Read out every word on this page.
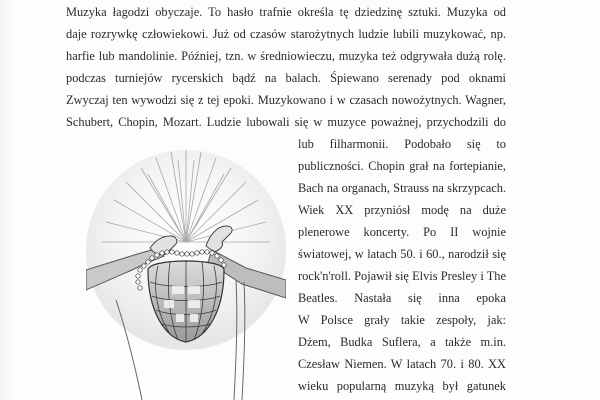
Muzyka łagodzi obyczaje. To hasło trafnie określa tę dziedzinę sztuki. Muzyka od
daje rozrywkę człowiekowi. Już od czasów starożytnych ludzie lubili muzykować, np.
harfie lub mandolinie. Później, tzn. w średniowieczu, muzyka też odgrywała dużą rolę.
podczas turniejów rycerskich bądź na balach. Śpiewano serenady pod oknami
Zwyczaj ten wywodzi się z tej epoki. Muzykowano i w czasach nowożytnych. Wagner,
Schubert, Chopin, Mozart. Ludzie lubowali się w muzyce poważnej, przychodzili do
lub filharmonii. Podobało się to
publiczności. Chopin grał na fortepianie,
Bach na organach, Strauss na skrzypcach.
Wiek XX przyniósł modę na duże
plenerowe koncerty. Po II wojnie
światowej, w latach 50. i 60., narodził się
rock'n'roll. Pojawił się Elvis Presley i The
Beatles. Nastała się inna epoka
W Polsce grały takie zespoły, jak:
Dżem, Budka Suflera, a także m.in.
Czesław Niemen. W latach 70. i 80. XX
wieku popularną muzyką był gatunek
